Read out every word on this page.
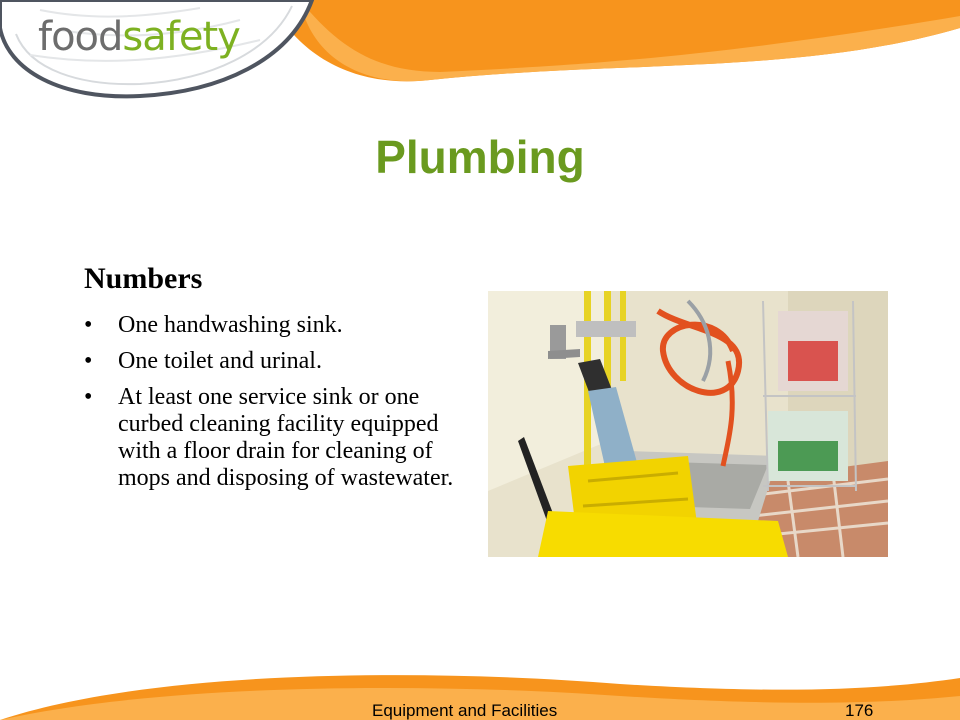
foodsafety
Plumbing
Numbers
• One handwashing sink.
• One toilet and urinal.
• At least one service sink or one curbed cleaning facility equipped with a floor drain for cleaning of mops and disposing of wastewater.
Equipment and Facilities	176
